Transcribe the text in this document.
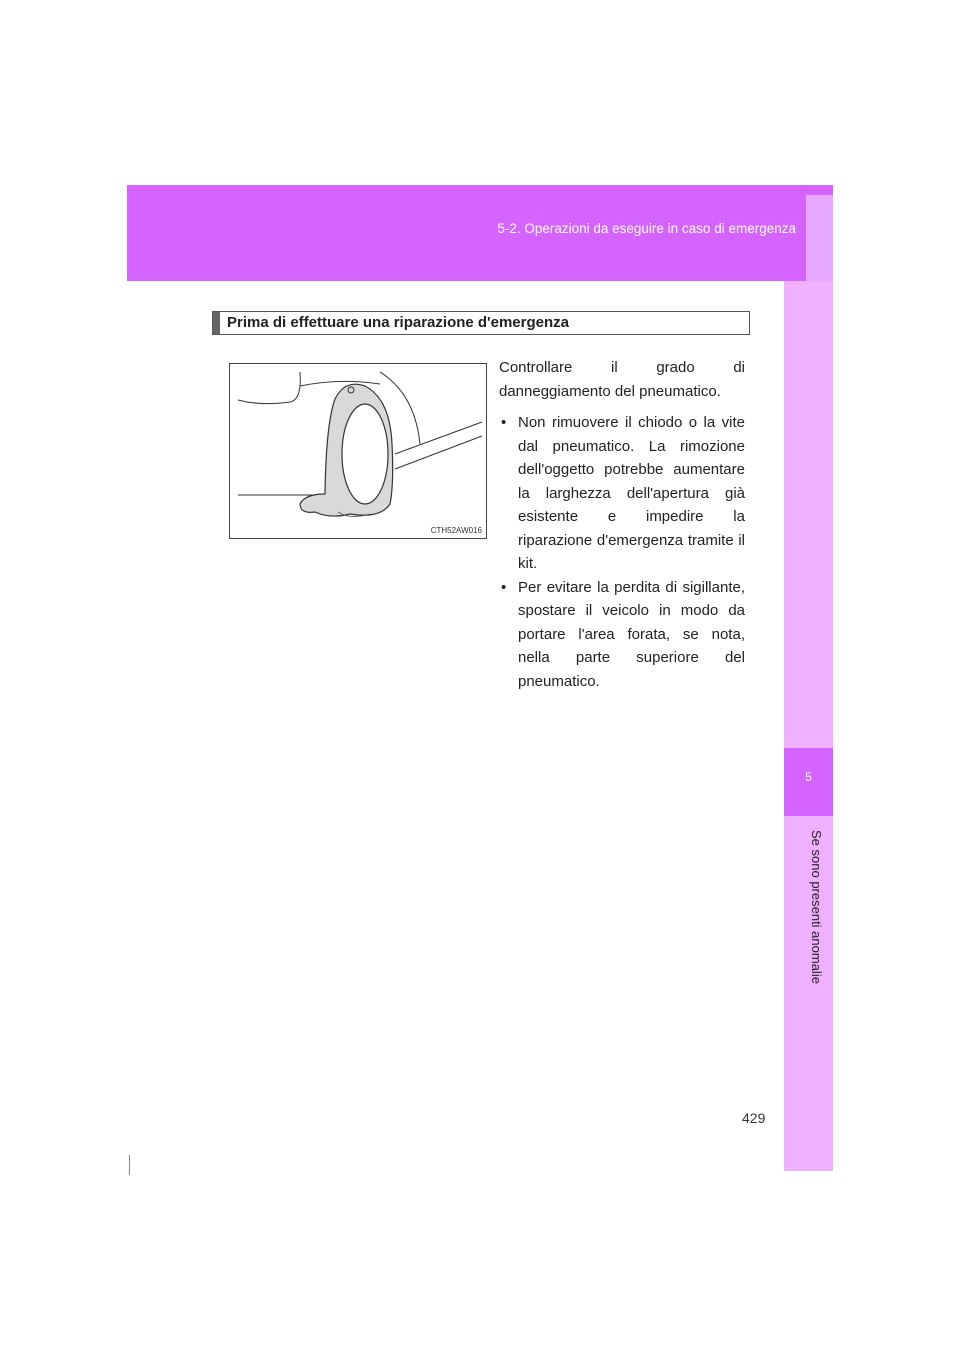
5-2. Operazioni da eseguire in caso di emergenza
5
Se sono presenti anomalie
Prima di effettuare una riparazione d'emergenza
CTH52AW016

Controllare il grado di danneggiamento del pneumatico.

• Non rimuovere il chiodo o la vite dal pneumatico. La rimozione dell'oggetto potrebbe aumentare la larghezza dell'apertura già esistente e impedire la riparazione d'emergenza tramite il kit.
• Per evitare la perdita di sigillante, spostare il veicolo in modo da portare l'area forata, se nota, nella parte superiore del pneumatico.
429
